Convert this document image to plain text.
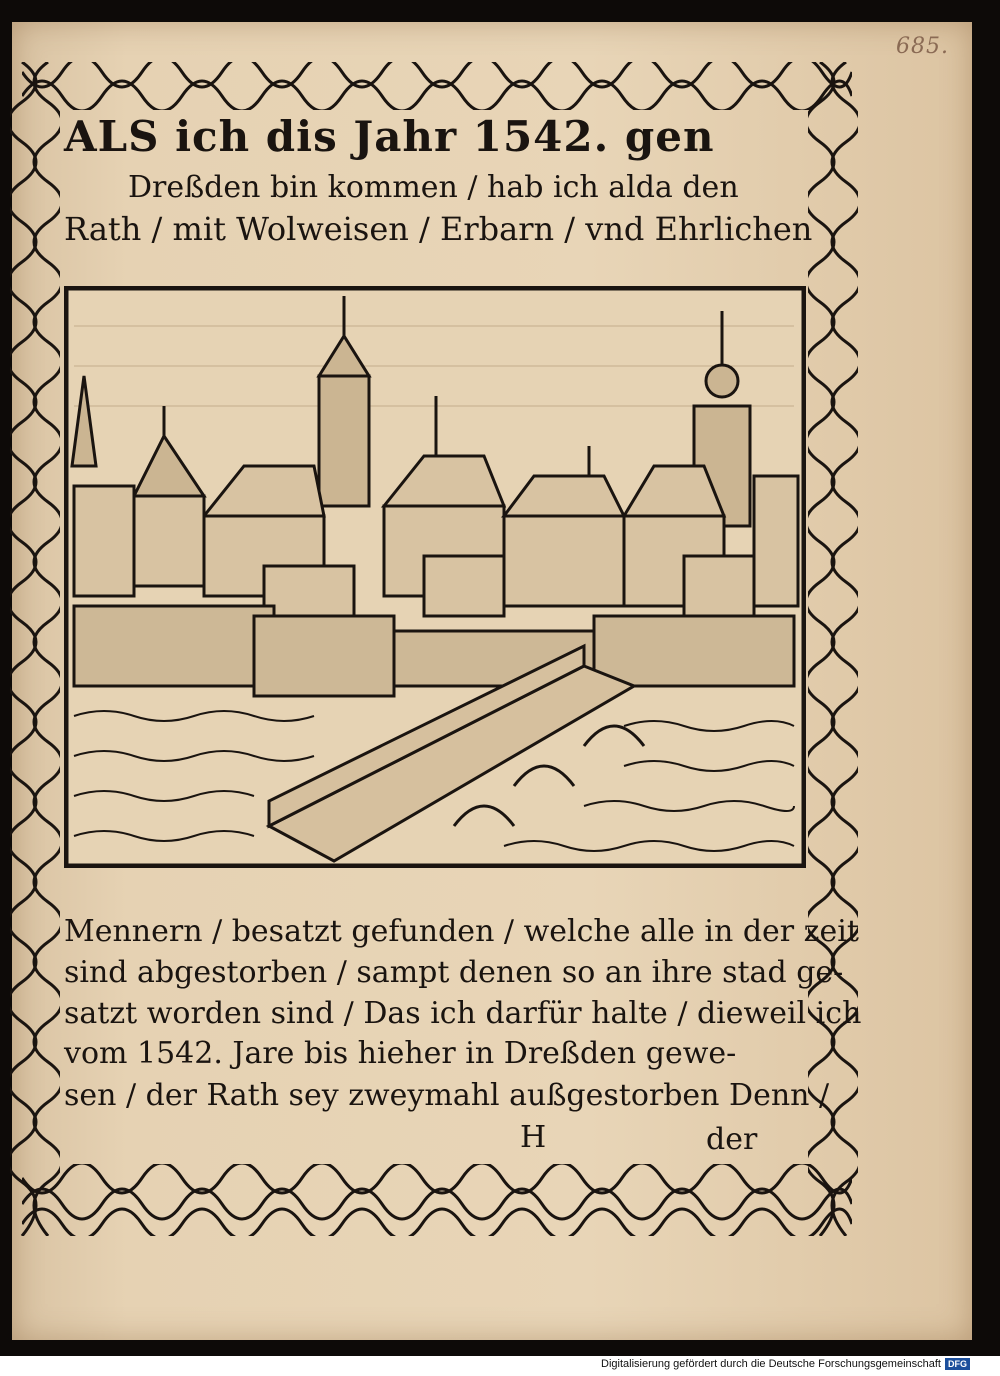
685.
ALS ich dis Jahr 1542. gen
Dreßden bin kommen / hab ich alda den
Rath / mit Wolweisen / Erbarn / vnd Ehrlichen
Mennern / besatzt gefunden / welche alle in der zeit
sind abgestorben / sampt denen so an ihre stad ge-
satzt worden sind / Das ich darfür halte / dieweil ich
vom 1542. Jare bis hieher in Dreßden gewe-
sen / der Rath sey zweymahl außgestorben Denn /
H	der
Digitalisierung gefördert durch die Deutsche Forschungsgemeinschaft DFG
